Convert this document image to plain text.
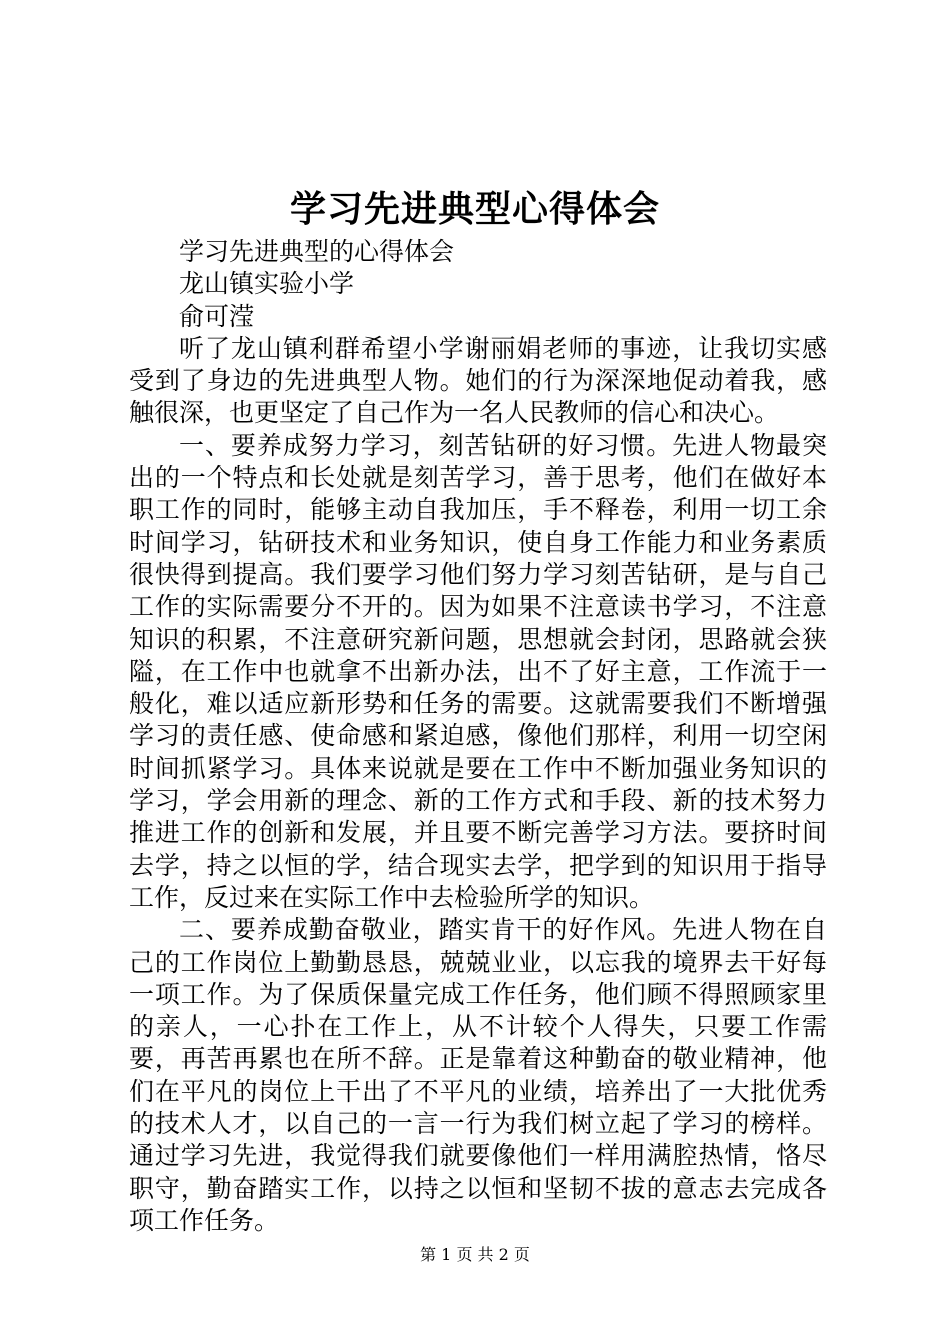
学习先进典型心得体会

学习先进典型的心得体会

龙山镇实验小学

俞可滢

听了龙山镇利群希望小学谢丽娟老师的事迹，让我切实感受到了身边的先进典型人物。她们的行为深深地促动着我，感触很深，也更坚定了自己作为一名人民教师的信心和决心。

一、要养成努力学习，刻苦钻研的好习惯。先进人物最突出的一个特点和长处就是刻苦学习，善于思考，他们在做好本职工作的同时，能够主动自我加压，手不释卷，利用一切工余时间学习，钻研技术和业务知识，使自身工作能力和业务素质很快得到提高。我们要学习他们努力学习刻苦钻研，是与自己工作的实际需要分不开的。因为如果不注意读书学习，不注意知识的积累，不注意研究新问题，思想就会封闭，思路就会狭隘，在工作中也就拿不出新办法，出不了好主意，工作流于一般化，难以适应新形势和任务的需要。这就需要我们不断增强学习的责任感、使命感和紧迫感，像他们那样，利用一切空闲时间抓紧学习。具体来说就是要在工作中不断加强业务知识的学习，学会用新的理念、新的工作方式和手段、新的技术努力推进工作的创新和发展，并且要不断完善学习方法。要挤时间去学，持之以恒的学，结合现实去学，把学到的知识用于指导工作，反过来在实际工作中去检验所学的知识。

二、要养成勤奋敬业，踏实肯干的好作风。先进人物在自己的工作岗位上勤勤恳恳，兢兢业业，以忘我的境界去干好每一项工作。为了保质保量完成工作任务，他们顾不得照顾家里的亲人，一心扑在工作上，从不计较个人得失，只要工作需要，再苦再累也在所不辞。正是靠着这种勤奋的敬业精神，他们在平凡的岗位上干出了不平凡的业绩，培养出了一大批优秀的技术人才，以自己的一言一行为我们树立起了学习的榜样。通过学习先进，我觉得我们就要像他们一样用满腔热情，恪尽职守，勤奋踏实工作，以持之以恒和坚韧不拔的意志去完成各项工作任务。

第 1 页 共 2 页
